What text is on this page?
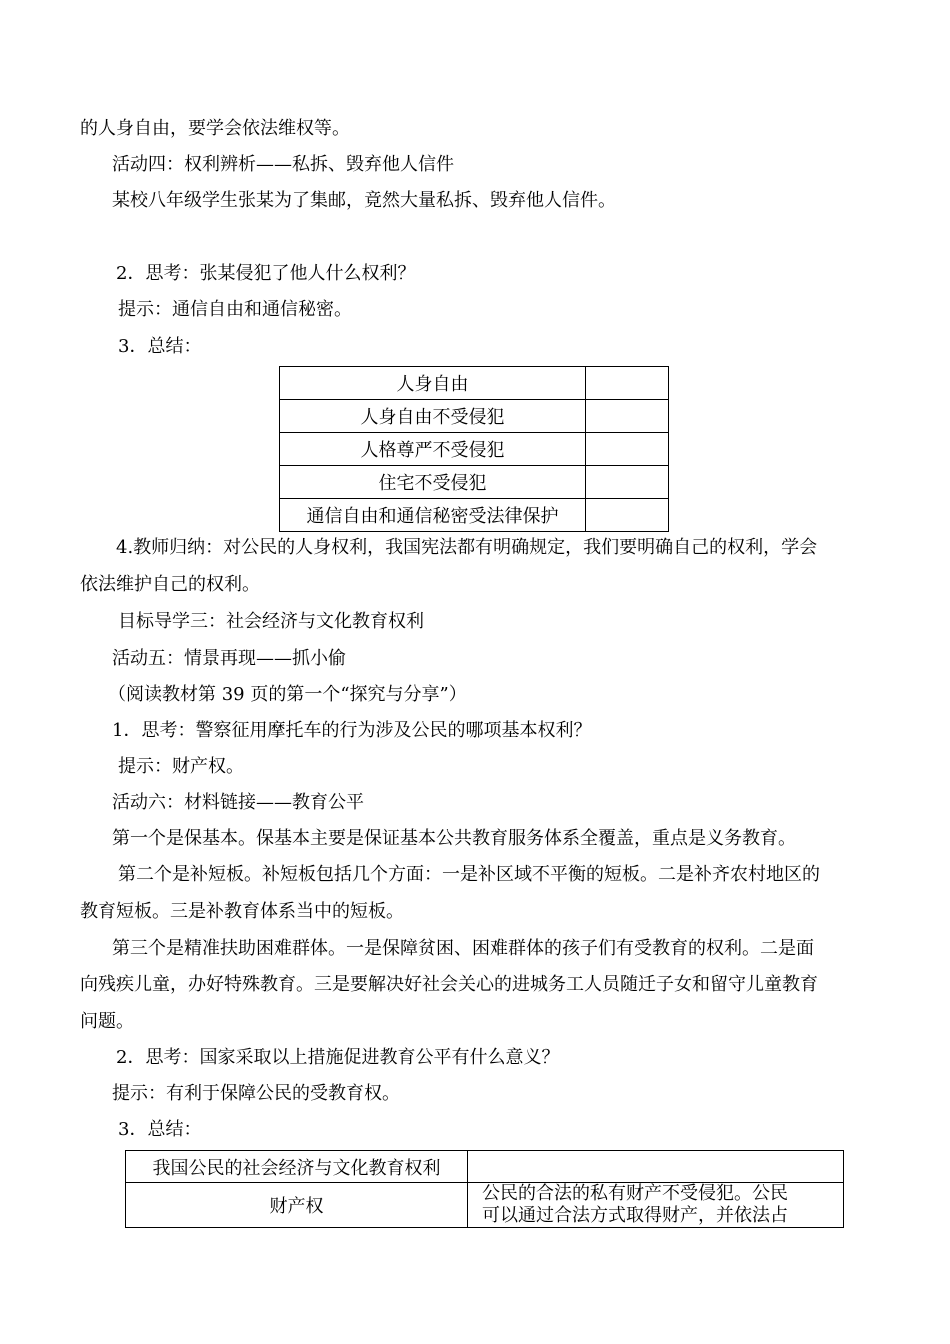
的人身自由，要学会依法维权等。
活动四：权利辨析——私拆、毁弃他人信件
某校八年级学生张某为了集邮，竟然大量私拆、毁弃他人信件。
2．思考：张某侵犯了他人什么权利？
提示：通信自由和通信秘密。
3．总结：
人身自由	
人身自由不受侵犯	
人格尊严不受侵犯	
住宅不受侵犯	
通信自由和通信秘密受法律保护	
4.教师归纳：对公民的人身权利，我国宪法都有明确规定，我们要明确自己的权利，学会
依法维护自己的权利。
目标导学三：社会经济与文化教育权利
活动五：情景再现——抓小偷
（阅读教材第 39 页的第一个“探究与分享”）
1．思考：警察征用摩托车的行为涉及公民的哪项基本权利？
提示：财产权。
活动六：材料链接——教育公平
第一个是保基本。保基本主要是保证基本公共教育服务体系全覆盖，重点是义务教育。
第二个是补短板。补短板包括几个方面：一是补区域不平衡的短板。二是补齐农村地区的
教育短板。三是补教育体系当中的短板。
第三个是精准扶助困难群体。一是保障贫困、困难群体的孩子们有受教育的权利。二是面
向残疾儿童，办好特殊教育。三是要解决好社会关心的进城务工人员随迁子女和留守儿童教育
问题。
2．思考：国家采取以上措施促进教育公平有什么意义？
提示：有利于保障公民的受教育权。
3．总结：
我国公民的社会经济与文化教育权利	
财产权	公民的合法的私有财产不受侵犯。公民
可以通过合法方式取得财产，并依法占
